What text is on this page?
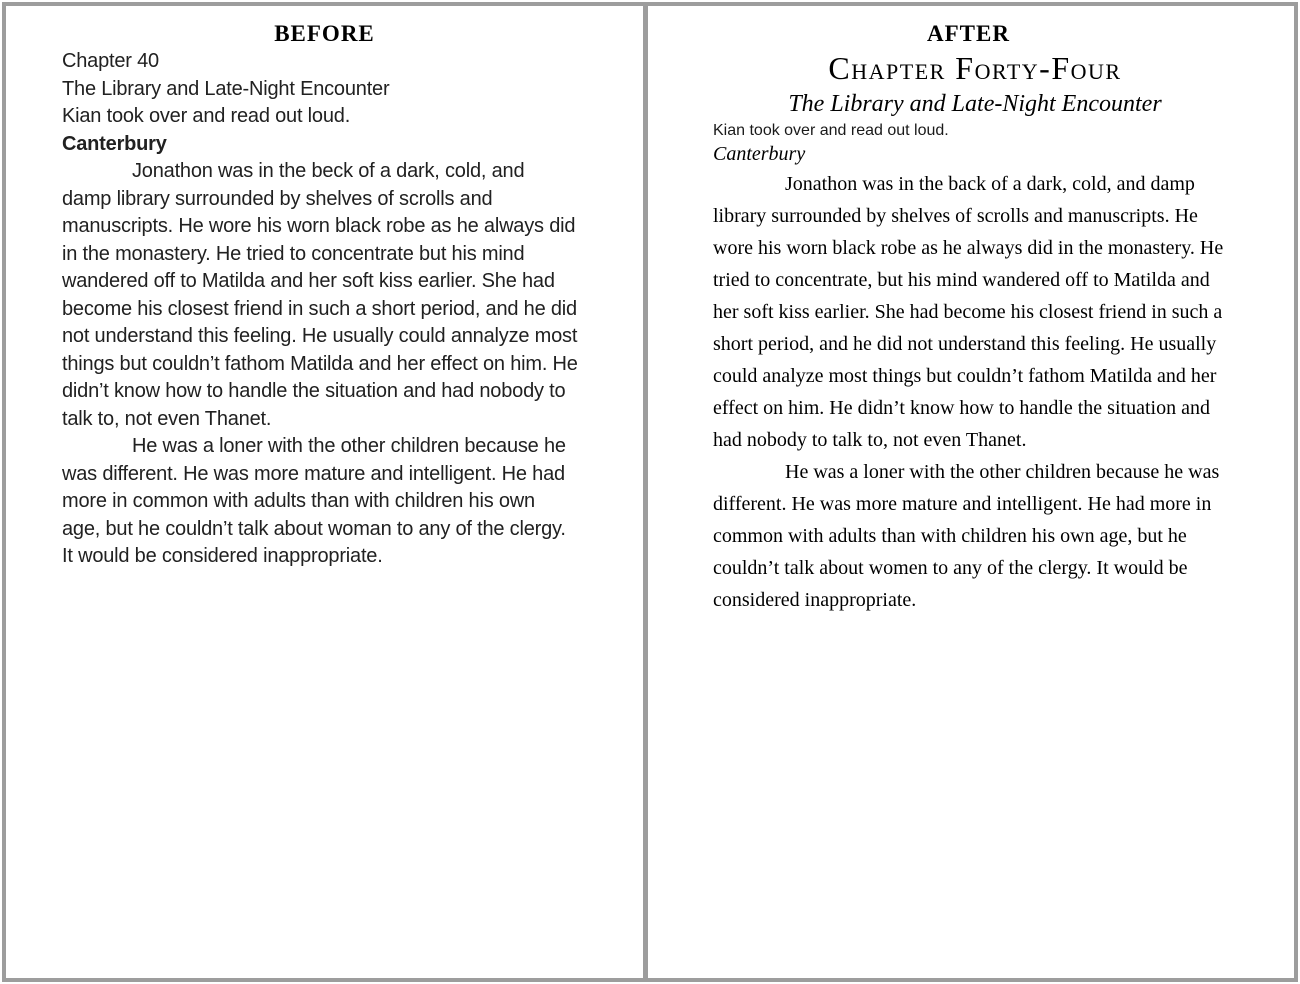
BEFORE

Chapter 40

The Library and Late-Night Encounter

Kian took over and read out loud.

Canterbury

Jonathon was in the beck of a dark, cold, and damp library surrounded by shelves of scrolls and manuscripts. He wore his worn black robe as he always did in the monastery. He tried to concentrate but his mind wandered off to Matilda and her soft kiss earlier. She had become his closest friend in such a short period, and he did not understand this feeling. He usually could annalyze most things but couldn’t fathom Matilda and her effect on him. He didn’t know how to handle the situation and had nobody to talk to, not even Thanet.

He was a loner with the other children because he was different. He was more mature and intelligent. He had more in common with adults than with children his own age, but he couldn’t talk about woman to any of the clergy. It would be considered inappropriate.

AFTER

Chapter Forty-Four

The Library and Late-Night Encounter

Kian took over and read out loud.

Canterbury

Jonathon was in the back of a dark, cold, and damp library surrounded by shelves of scrolls and manuscripts. He wore his worn black robe as he always did in the monastery. He tried to concentrate, but his mind wandered off to Matilda and her soft kiss earlier. She had become his closest friend in such a short period, and he did not understand this feeling. He usually could analyze most things but couldn’t fathom Matilda and her effect on him. He didn’t know how to handle the situation and had nobody to talk to, not even Thanet.

He was a loner with the other children because he was different. He was more mature and intelligent. He had more in common with adults than with children his own age, but he couldn’t talk about women to any of the clergy. It would be considered inappropriate.
